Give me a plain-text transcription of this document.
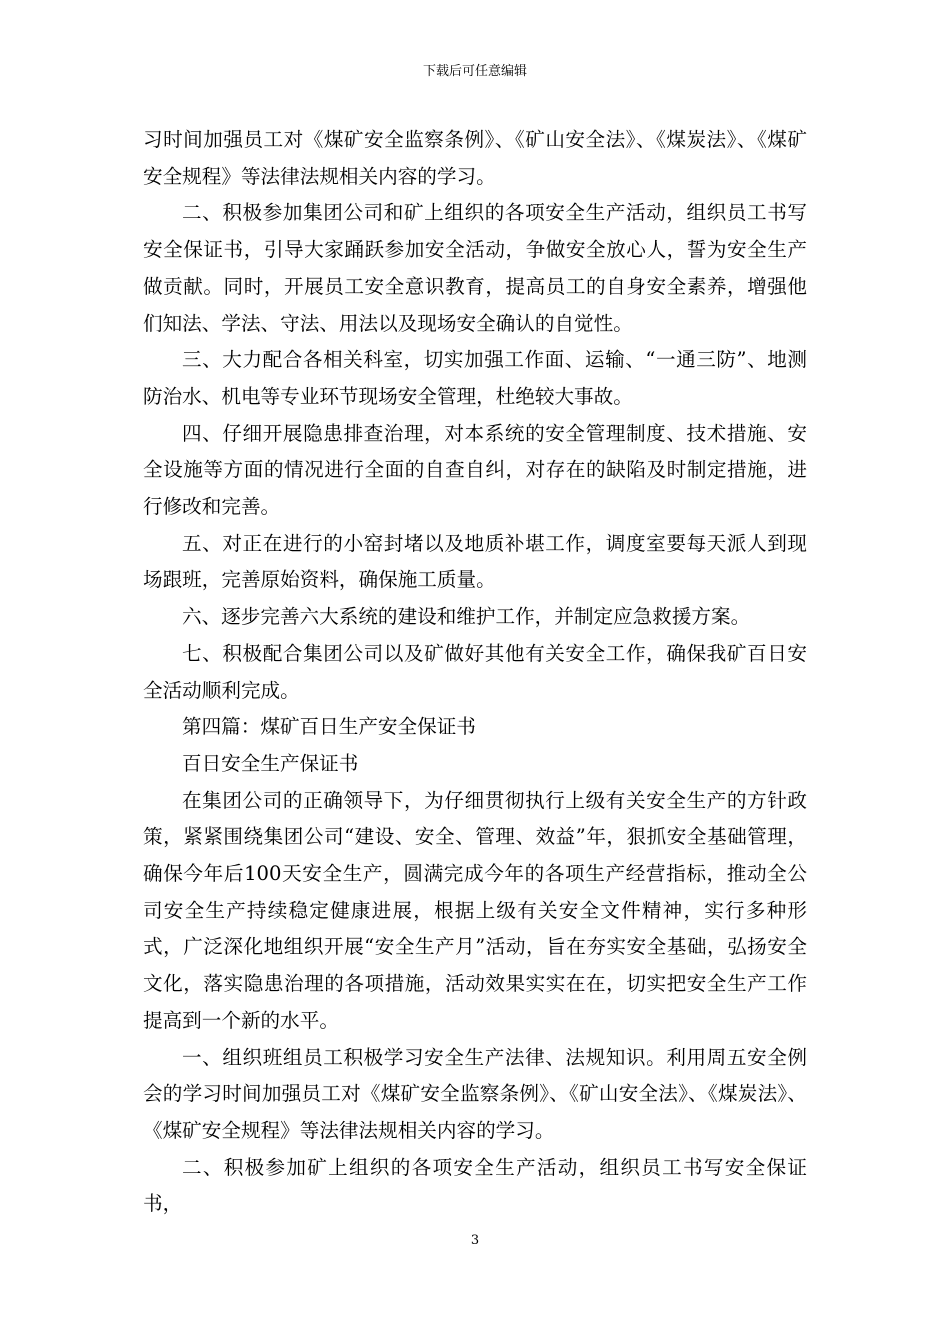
下载后可任意编辑

习时间加强员工对《煤矿安全监察条例》、《矿山安全法》、《煤炭法》、《煤矿安全规程》等法律法规相关内容的学习。

二、积极参加集团公司和矿上组织的各项安全生产活动，组织员工书写安全保证书，引导大家踊跃参加安全活动，争做安全放心人，誓为安全生产做贡献。同时，开展员工安全意识教育，提高员工的自身安全素养，增强他们知法、学法、守法、用法以及现场安全确认的自觉性。

三、大力配合各相关科室，切实加强工作面、运输、“一通三防”、地测防治水、机电等专业环节现场安全管理，杜绝较大事故。

四、仔细开展隐患排查治理，对本系统的安全管理制度、技术措施、安全设施等方面的情况进行全面的自查自纠，对存在的缺陷及时制定措施，进行修改和完善。

五、对正在进行的小窑封堵以及地质补堪工作，调度室要每天派人到现场跟班，完善原始资料，确保施工质量。

六、逐步完善六大系统的建设和维护工作，并制定应急救援方案。

七、积极配合集团公司以及矿做好其他有关安全工作，确保我矿百日安全活动顺利完成。

第四篇：煤矿百日生产安全保证书

百日安全生产保证书

在集团公司的正确领导下，为仔细贯彻执行上级有关安全生产的方针政策，紧紧围绕集团公司“建设、安全、管理、效益”年，狠抓安全基础管理，确保今年后100天安全生产，圆满完成今年的各项生产经营指标，推动全公司安全生产持续稳定健康进展，根据上级有关安全文件精神，实行多种形式，广泛深化地组织开展“安全生产月”活动，旨在夯实安全基础，弘扬安全文化，落实隐患治理的各项措施，活动效果实实在在，切实把安全生产工作提高到一个新的水平。

一、组织班组员工积极学习安全生产法律、法规知识。利用周五安全例会的学习时间加强员工对《煤矿安全监察条例》、《矿山安全法》、《煤炭法》、《煤矿安全规程》等法律法规相关内容的学习。

二、积极参加矿上组织的各项安全生产活动，组织员工书写安全保证书，

3
